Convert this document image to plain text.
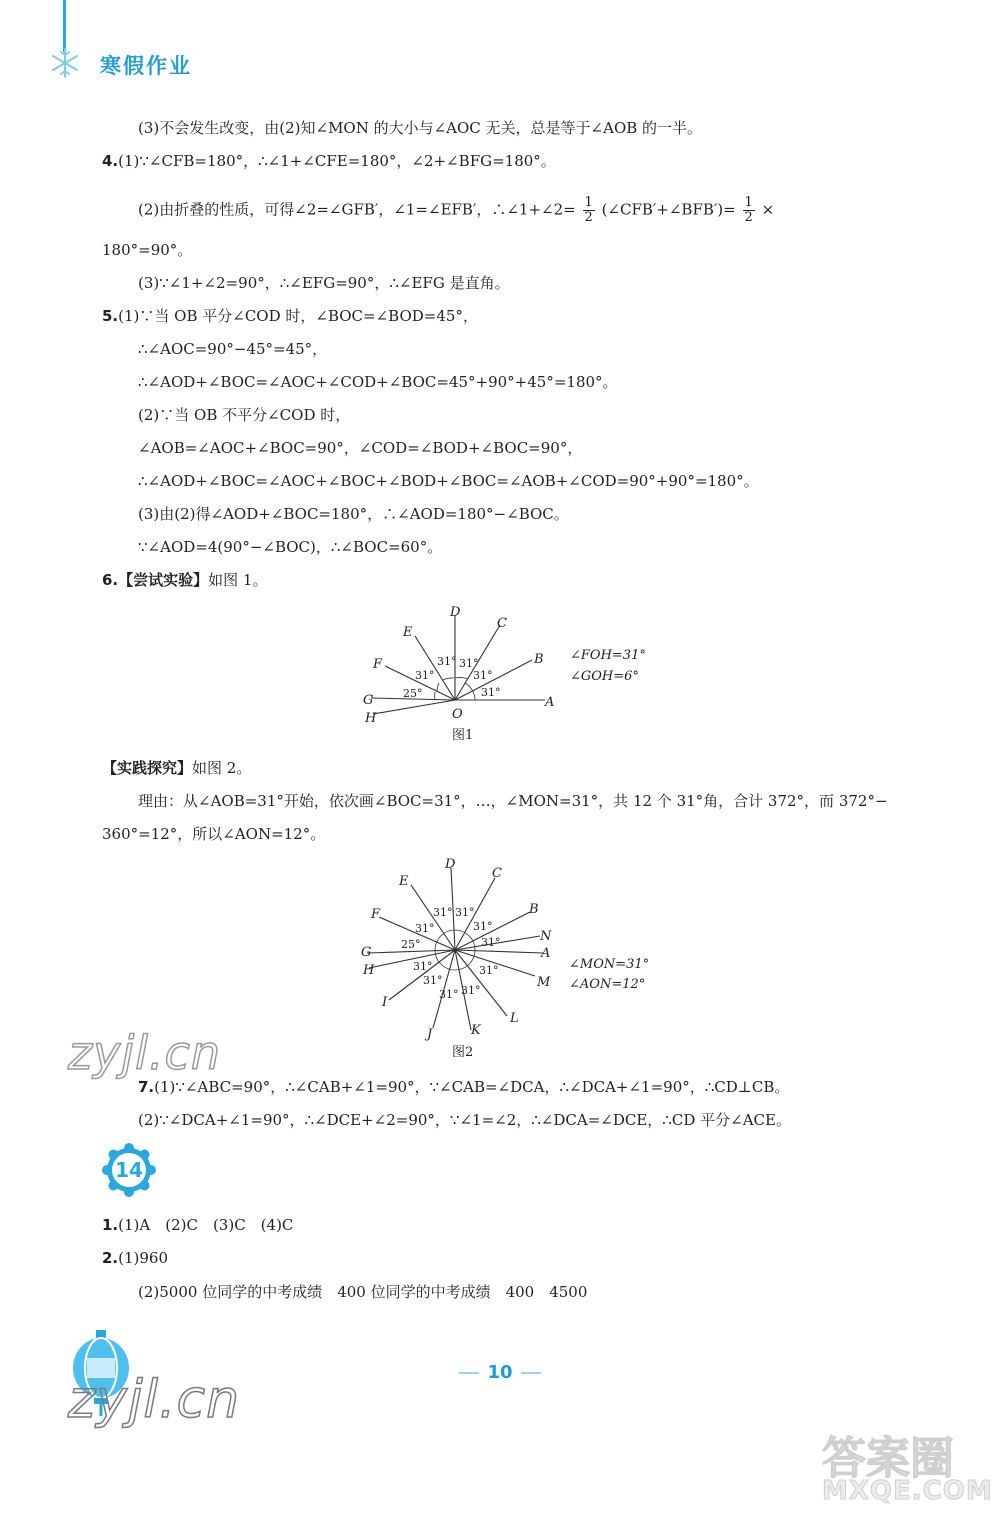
寒假作业
(3)不会发生改变，由(2)知∠MON 的大小与∠AOC 无关，总是等于∠AOB 的一半。
4.(1)∵∠CFB=180°，∴∠1+∠CFE=180°，∠2+∠BFG=180°。
(2)由折叠的性质，可得∠2=∠GFB′，∠1=∠EFB′，∴∠1+∠2= $\frac{1}{2}$ (∠CFB′+∠BFB′)= $\frac{1}{2}$ ×
180°=90°。
(3)∵∠1+∠2=90°，∴∠EFG=90°，∴∠EFG 是直角。
5.(1)∵当 OB 平分∠COD 时，∠BOC=∠BOD=45°，
∴∠AOC=90°−45°=45°，
∴∠AOD+∠BOC=∠AOC+∠COD+∠BOC=45°+90°+45°=180°。
(2)∵当 OB 不平分∠COD 时，
∠AOB=∠AOC+∠BOC=90°，∠COD=∠BOD+∠BOC=90°，
∴∠AOD+∠BOC=∠AOC+∠BOC+∠BOD+∠BOC=∠AOB+∠COD=90°+90°=180°。
(3)由(2)得∠AOD+∠BOC=180°，∴∠AOD=180°−∠BOC。
∵∠AOD=4(90°−∠BOC)，∴∠BOC=60°。
6.【尝试实验】如图 1。
D
C
E
B
F
G
H	O
A
31° 31°
31°	31°
31°
25°
∠FOH=31°
∠GOH=6°
图1
【实践探究】如图 2。
理由：从∠AOB=31°开始，依次画∠BOC=31°，…，∠MON=31°，共 12 个 31°角，合计 372°，而 372°−
360°=12°，所以∠AON=12°。
D
C
E
B
F
N
G	A
H
M
I
L
J	K
31° 31°
31°	31°
31°
25°
31°	31°
31°
31° 31°
∠MON=31°
∠AON=12°
图2
zyjl.cn
7.(1)∵∠ABC=90°，∴∠CAB+∠1=90°，∵∠CAB=∠DCA，∴∠DCA+∠1=90°，∴CD⊥CB。
(2)∵∠DCA+∠1=90°，∴∠DCE+∠2=90°，∵∠1=∠2，∴∠DCA=∠DCE，∴CD 平分∠ACE。
14
1.(1)A　(2)C　(3)C　(4)C
2.(1)960
(2)5000 位同学的中考成绩　400 位同学的中考成绩　400　4500
10
zyjl.cn
答案圈
MXQE.COM
